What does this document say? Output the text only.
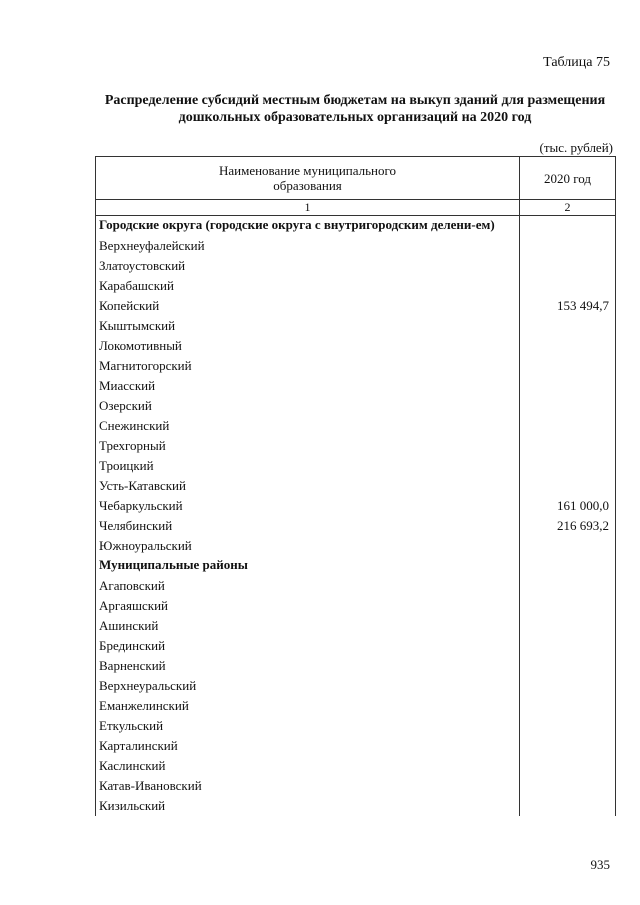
Таблица 75
Распределение субсидий местным бюджетам на выкуп зданий для размещения дошкольных образовательных организаций на 2020 год
(тыс. рублей)
Наименование муниципального образования	2020 год
1	2
Городские округа (городские округа с внутригородским делени-ем)
Верхнеуфалейский
Златоустовский
Карабашский
Копейский	153 494,7
Кыштымский
Локомотивный
Магнитогорский
Миасский
Озерский
Снежинский
Трехгорный
Троицкий
Усть-Катавский
Чебаркульский	161 000,0
Челябинский	216 693,2
Южноуральский
Муниципальные районы
Агаповский
Аргаяшский
Ашинский
Брединский
Варненский
Верхнеуральский
Еманжелинский
Еткульский
Карталинский
Каслинский
Катав-Ивановский
Кизильский
935
